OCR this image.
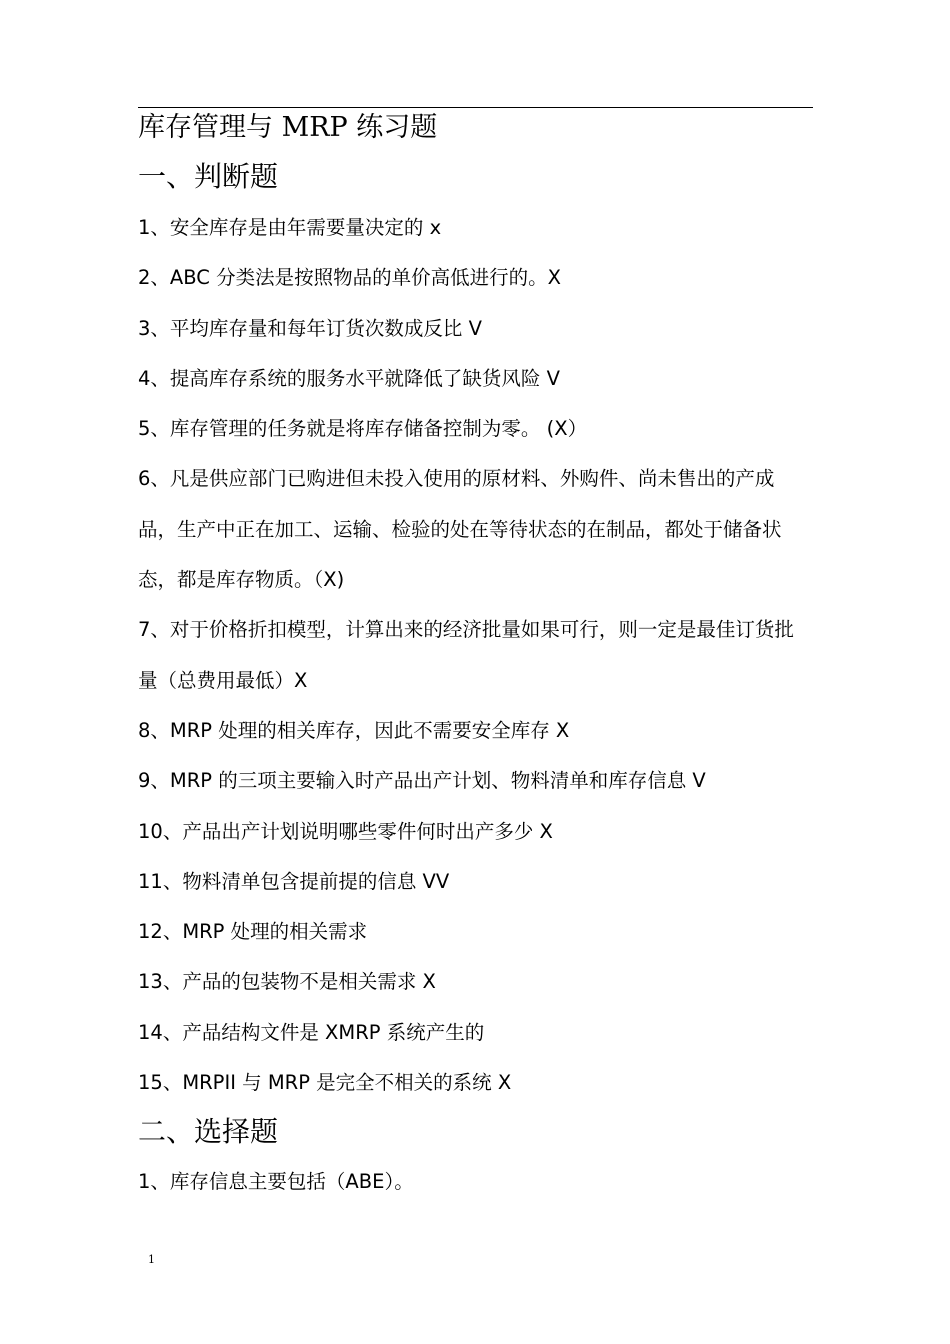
库存管理与 MRP 练习题
一、判断题
1、安全库存是由年需要量决定的 x
2、ABC 分类法是按照物品的单价高低进行的。X
3、平均库存量和每年订货次数成反比 V
4、提高库存系统的服务水平就降低了缺货风险 V
5、库存管理的任务就是将库存储备控制为零。 (X）
6、凡是供应部门已购进但未投入使用的原材料、外购件、尚未售出的产成品，生产中正在加工、运输、检验的处在等待状态的在制品，都处于储备状态，都是库存物质。（X)
7、对于价格折扣模型，计算出来的经济批量如果可行，则一定是最佳订货批量（总费用最低）X
8、MRP 处理的相关库存，因此不需要安全库存 X
9、MRP 的三项主要输入时产品出产计划、物料清单和库存信息 V
10、产品出产计划说明哪些零件何时出产多少 X
11、物料清单包含提前提的信息 VV
12、MRP 处理的相关需求
13、产品的包装物不是相关需求 X
14、产品结构文件是 XMRP 系统产生的
15、MRPII 与 MRP 是完全不相关的系统 X
二、选择题
1、库存信息主要包括（ABE）。
1
